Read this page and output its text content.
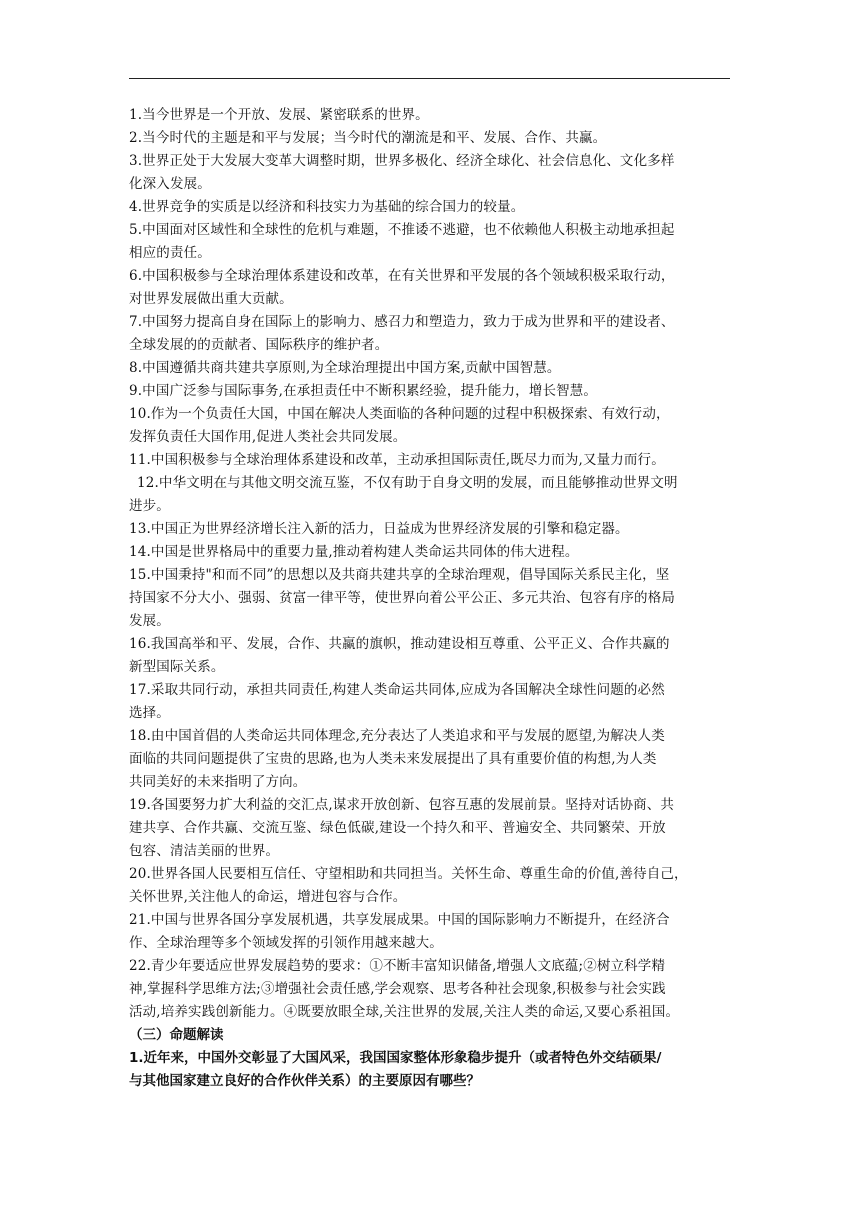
1.当今世界是一个开放、发展、紧密联系的世界。

2.当今时代的主题是和平与发展；当今时代的潮流是和平、发展、合作、共赢。

3.世界正处于大发展大变革大调整时期，世界多极化、经济全球化、社会信息化、文化多样
化深入发展。

4.世界竞争的实质是以经济和科技实力为基础的综合国力的较量。

5.中国面对区域性和全球性的危机与难题，不推诿不逃避，也不依赖他人积极主动地承担起
相应的责任。

6.中国积极参与全球治理体系建设和改革，在有关世界和平发展的各个领域积极采取行动，
对世界发展做出重大贡献。

7.中国努力提高自身在国际上的影响力、感召力和塑造力，致力于成为世界和平的建设者、
全球发展的的贡献者、国际秩序的维护者。

8.中国遵循共商共建共享原则,为全球治理提出中国方案,贡献中国智慧。

9.中国广泛参与国际事务,在承担责任中不断积累经验，提升能力，增长智慧。

10.作为一个负责任大国，中国在解决人类面临的各种问题的过程中积极探索、有效行动，
发挥负责任大国作用,促进人类社会共同发展。

11.中国积极参与全球治理体系建设和改革，主动承担国际责任,既尽力而为,又量力而行。

12.中华文明在与其他文明交流互鉴，不仅有助于自身文明的发展，而且能够推动世界文明
进步。

13.中国正为世界经济增长注入新的活力，日益成为世界经济发展的引擎和稳定器。

14.中国是世界格局中的重要力量,推动着构建人类命运共同体的伟大进程。

15.中国秉持"和而不同”的思想以及共商共建共享的全球治理观，倡导国际关系民主化，坚
持国家不分大小、强弱、贫富一律平等，使世界向着公平公正、多元共治、包容有序的格局
发展。

16.我国高举和平、发展，合作、共赢的旗帜，推动建设相互尊重、公平正义、合作共赢的
新型国际关系。

17.采取共同行动，承担共同责任,构建人类命运共同体,应成为各国解决全球性问题的必然
选择。

18.由中国首倡的人类命运共同体理念,充分表达了人类追求和平与发展的愿望,为解决人类
面临的共同问题提供了宝贵的思路,也为人类未来发展提出了具有重要价值的构想,为人类
共同美好的未来指明了方向。

19.各国要努力扩大利益的交汇点,谋求开放创新、包容互惠的发展前景。坚持对话协商、共
建共享、合作共赢、交流互鉴、绿色低碳,建设一个持久和平、普遍安全、共同繁荣、开放
包容、清洁美丽的世界。

20.世界各国人民要相互信任、守望相助和共同担当。关怀生命、尊重生命的价值,善待自己，
关怀世界,关注他人的命运，增进包容与合作。

21.中国与世界各国分享发展机遇，共享发展成果。中国的国际影响力不断提升，在经济合
作、全球治理等多个领域发挥的引领作用越来越大。

22.青少年要适应世界发展趋势的要求：①不断丰富知识储备,增强人文底蕴;②树立科学精
神,掌握科学思维方法;③增强社会责任感,学会观察、思考各种社会现象,积极参与社会实践
活动,培养实践创新能力。④既要放眼全球,关注世界的发展,关注人类的命运,又要心系祖国。

（三）命题解读

1.近年来，中国外交彰显了大国风采，我国国家整体形象稳步提升（或者特色外交结硕果/
与其他国家建立良好的合作伙伴关系）的主要原因有哪些？
